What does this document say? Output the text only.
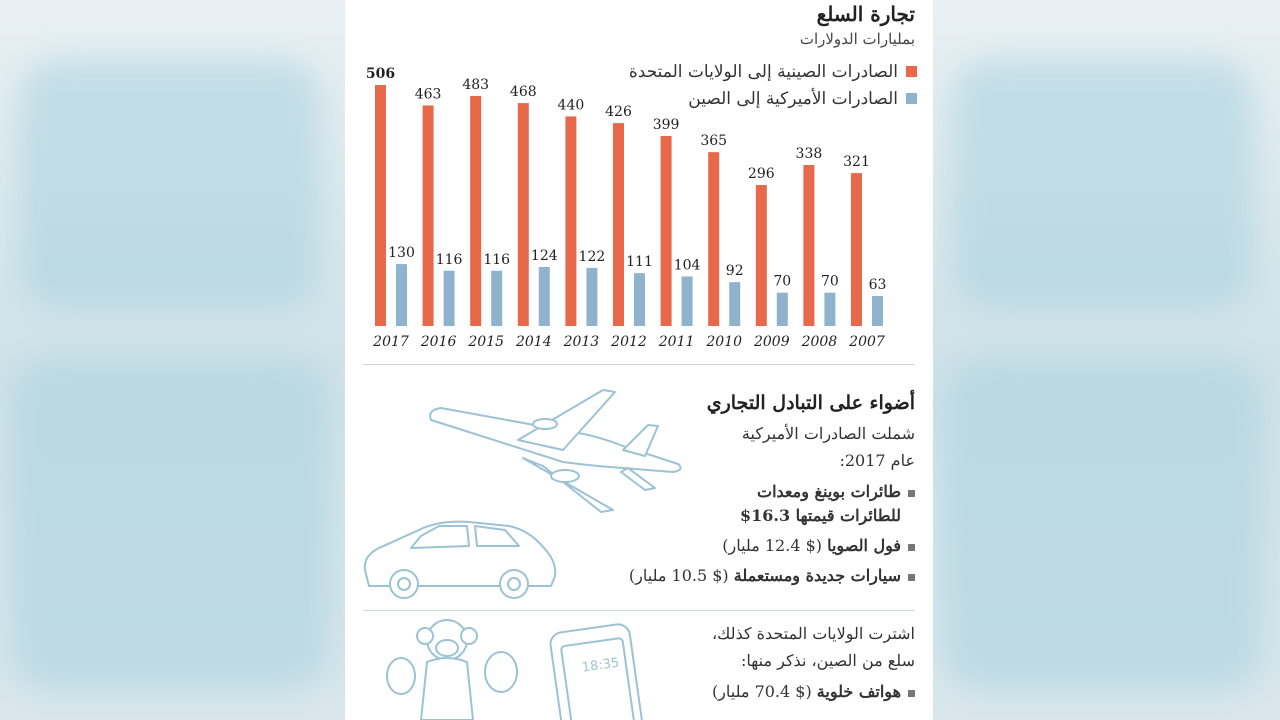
تجارة السلع
بمليارات الدولارات
الصادرات الصينية إلى الولايات المتحدة
الصادرات الأميركية إلى الصين
506
130
2017
463
116
2016
483
116
2015
468
124
2014
440
122
2013
426
111
2012
399
104
2011
365
92
2010
296
70
2009
338
70
2008
321
63
2007
أضواء على التبادل التجاري
شملت الصادرات الأميركية
عام 2017:
طائرات بوينغ ومعدات
للطائرات قيمتها 16.3$
فول الصويا ($ 12.4 مليار)
سيارات جديدة ومستعملة ($ 10.5 مليار)
اشترت الولايات المتحدة كذلك،
سلع من الصين، نذكر منها:
هواتف خلوية ($ 70.4 مليار)
18:35
